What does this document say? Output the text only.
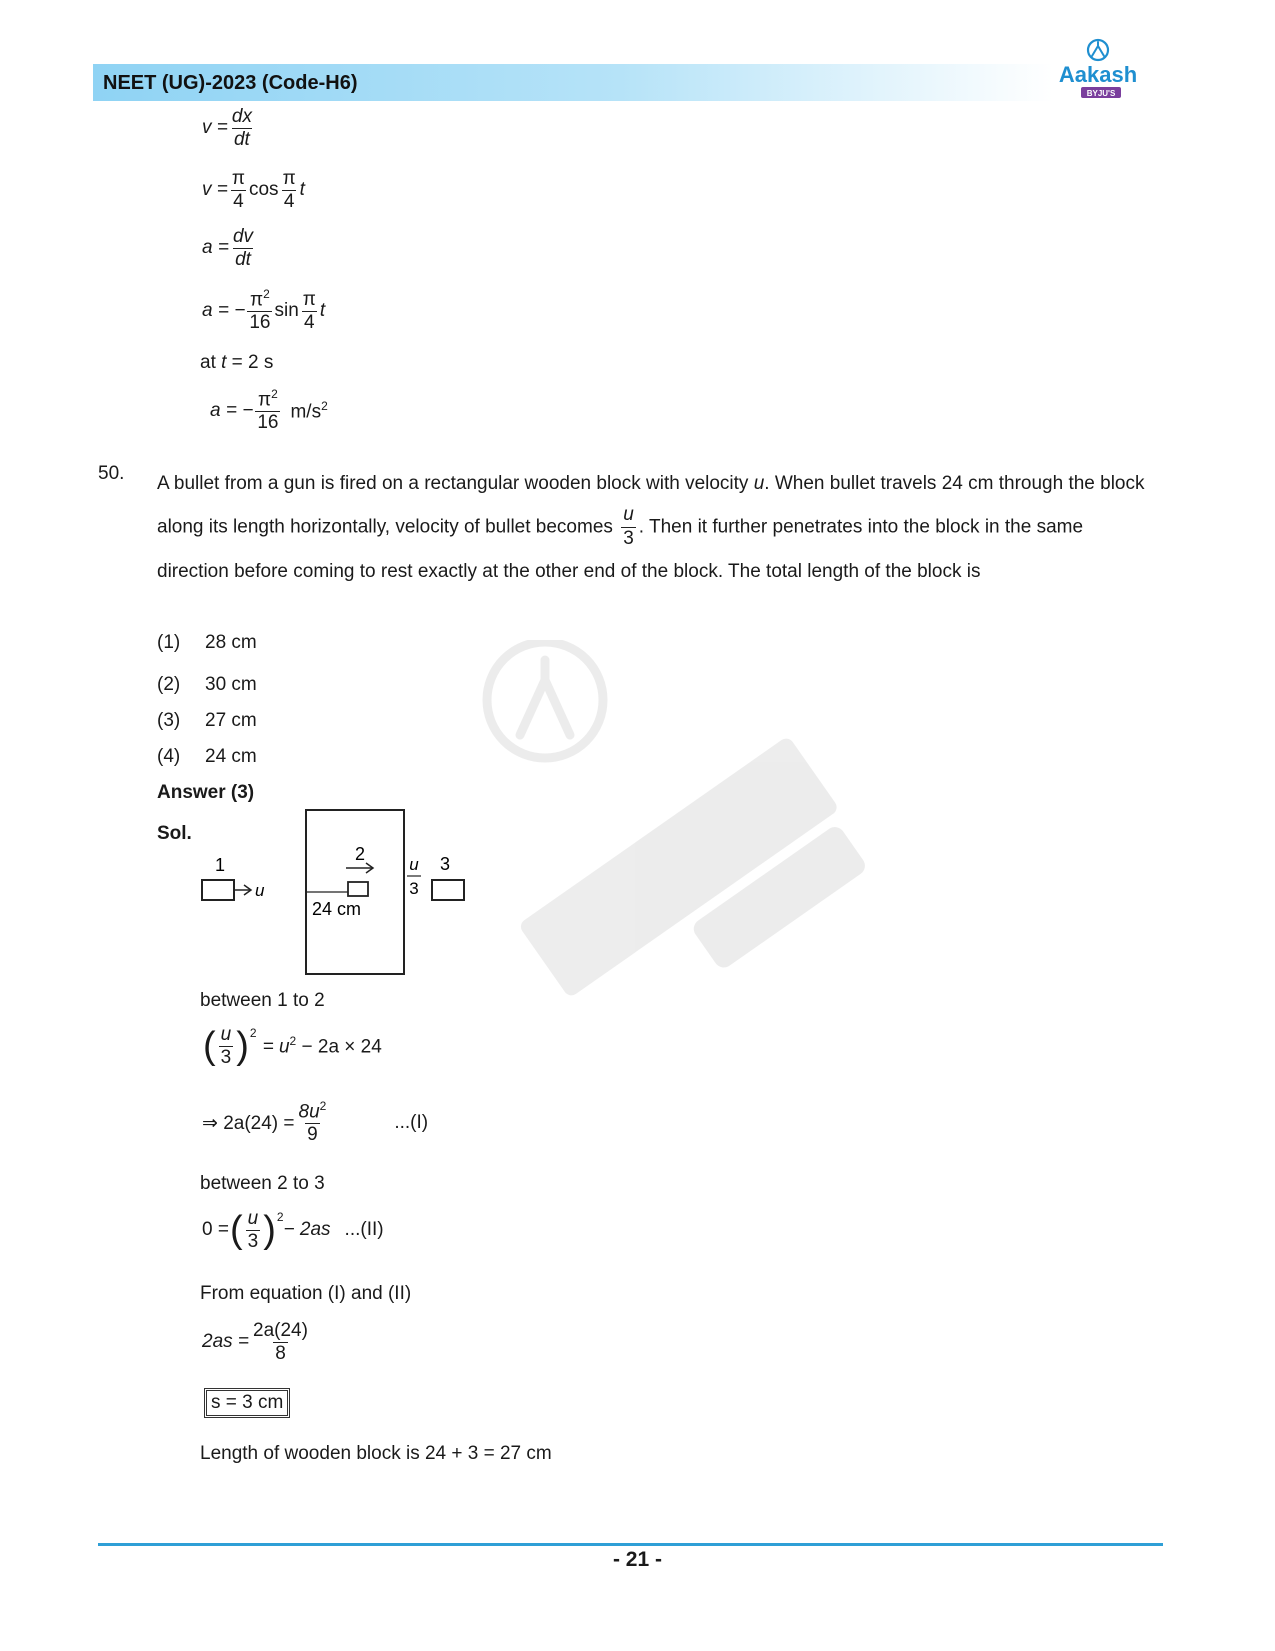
NEET (UG)-2023 (Code-H6)	Aakash
BYJU'S
$v = \frac{dx}{dt}$
$v = \frac{\pi}{4}$ $\cos \frac{\pi}{4}$ t
$a = \frac{dv}{dt}$
a = − $\frac{\pi^2}{16}$ $\sin \frac{\pi}{4}$ t
at t = 2 s
a = − $\frac{\pi^2}{16} m/s^2$
50. A bullet from a gun is fired on a rectangular wooden block with velocity u. When bullet travels 24 cm through the block along its length horizontally, velocity of bullet becomes $\frac{u}{3}$ . Then it further penetrates into the block in the same direction before coming to rest exactly at the other end of the block. The total length of the block is
(1) 28 cm
(2) 30 cm
(3) 27 cm
(4) 24 cm
Answer (3)
Sol.
1
u
2
24 cm
u
3
3
between 1 to 2
( $\frac{u}{3} )^2$
= $u^2 - 2a \times 24$
⇒ $2a(24) = \frac{8u^2}{9}$	...(I)
between 2 to 3
0 = ( $\frac{u}{3} )^2$
− 2as ...(II)
From equation (I) and (II)
$2as = \frac{2a(24)}{8}$
s = 3 cm
Length of wooden block is 24 + 3 = 27 cm
- 21 -
